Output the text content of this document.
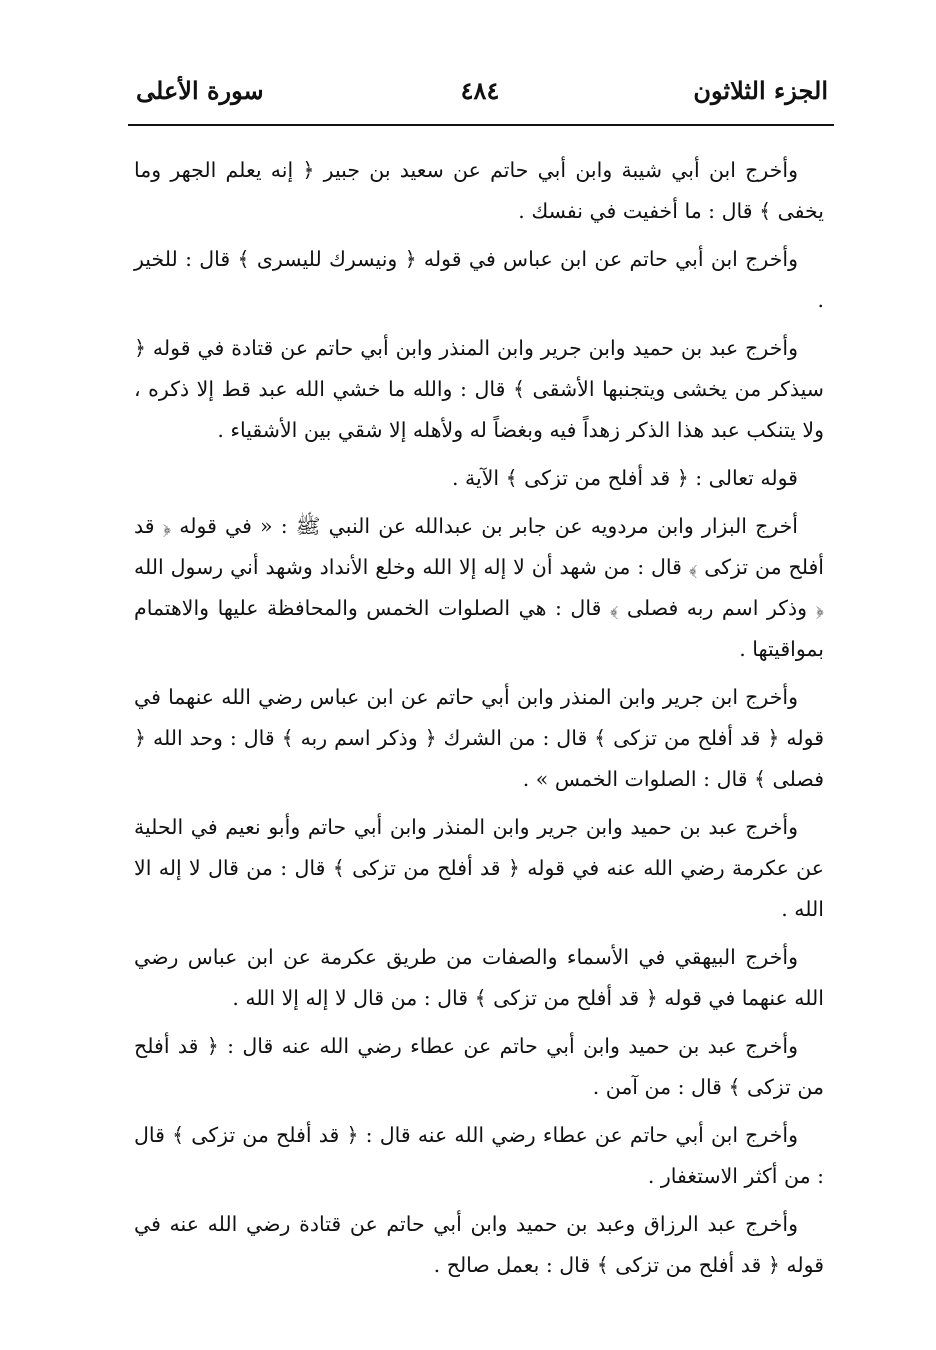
الجزء الثلاثون
٤٨٤
سورة الأعلى

وأخرج ابن أبي شيبة وابن أبي حاتم عن سعيد بن جبير ﴿ إنه يعلم الجهر وما يخفى ﴾ قال : ما أخفيت في نفسك .

وأخرج ابن أبي حاتم عن ابن عباس في قوله ﴿ ونيسرك لليسرى ﴾ قال : للخير .

وأخرج عبد بن حميد وابن جرير وابن المنذر وابن أبي حاتم عن قتادة في قوله ﴿ سيذكر من يخشى ويتجنبها الأشقى ﴾ قال : والله ما خشي الله عبد قط إلا ذكره ، ولا يتنكب عبد هذا الذكر زهداً فيه وبغضاً له ولأهله إلا شقي بين الأشقياء .

قوله تعالى : ﴿ قد أفلح من تزكى ﴾ الآية .

أخرج البزار وابن مردويه عن جابر بن عبدالله عن النبي ﷺ : « في قوله ﴿ قد أفلح من تزكى ﴾ قال : من شهد أن لا إله إلا الله وخلع الأنداد وشهد أني رسول الله ﴿ وذكر اسم ربه فصلى ﴾ قال : هي الصلوات الخمس والمحافظة عليها والاهتمام بمواقيتها .

وأخرج ابن جرير وابن المنذر وابن أبي حاتم عن ابن عباس رضي الله عنهما في قوله ﴿ قد أفلح من تزكى ﴾ قال : من الشرك ﴿ وذكر اسم ربه ﴾ قال : وحد الله ﴿ فصلى ﴾ قال : الصلوات الخمس » .

وأخرج عبد بن حميد وابن جرير وابن المنذر وابن أبي حاتم وأبو نعيم في الحلية عن عكرمة رضي الله عنه في قوله ﴿ قد أفلح من تزكى ﴾ قال : من قال لا إله الا الله .

وأخرج البيهقي في الأسماء والصفات من طريق عكرمة عن ابن عباس رضي الله عنهما في قوله ﴿ قد أفلح من تزكى ﴾ قال : من قال لا إله إلا الله .

وأخرج عبد بن حميد وابن أبي حاتم عن عطاء رضي الله عنه قال : ﴿ قد أفلح من تزكى ﴾ قال : من آمن .

وأخرج ابن أبي حاتم عن عطاء رضي الله عنه قال : ﴿ قد أفلح من تزكى ﴾ قال : من أكثر الاستغفار .

وأخرج عبد الرزاق وعبد بن حميد وابن أبي حاتم عن قتادة رضي الله عنه في قوله ﴿ قد أفلح من تزكى ﴾ قال : بعمل صالح .
